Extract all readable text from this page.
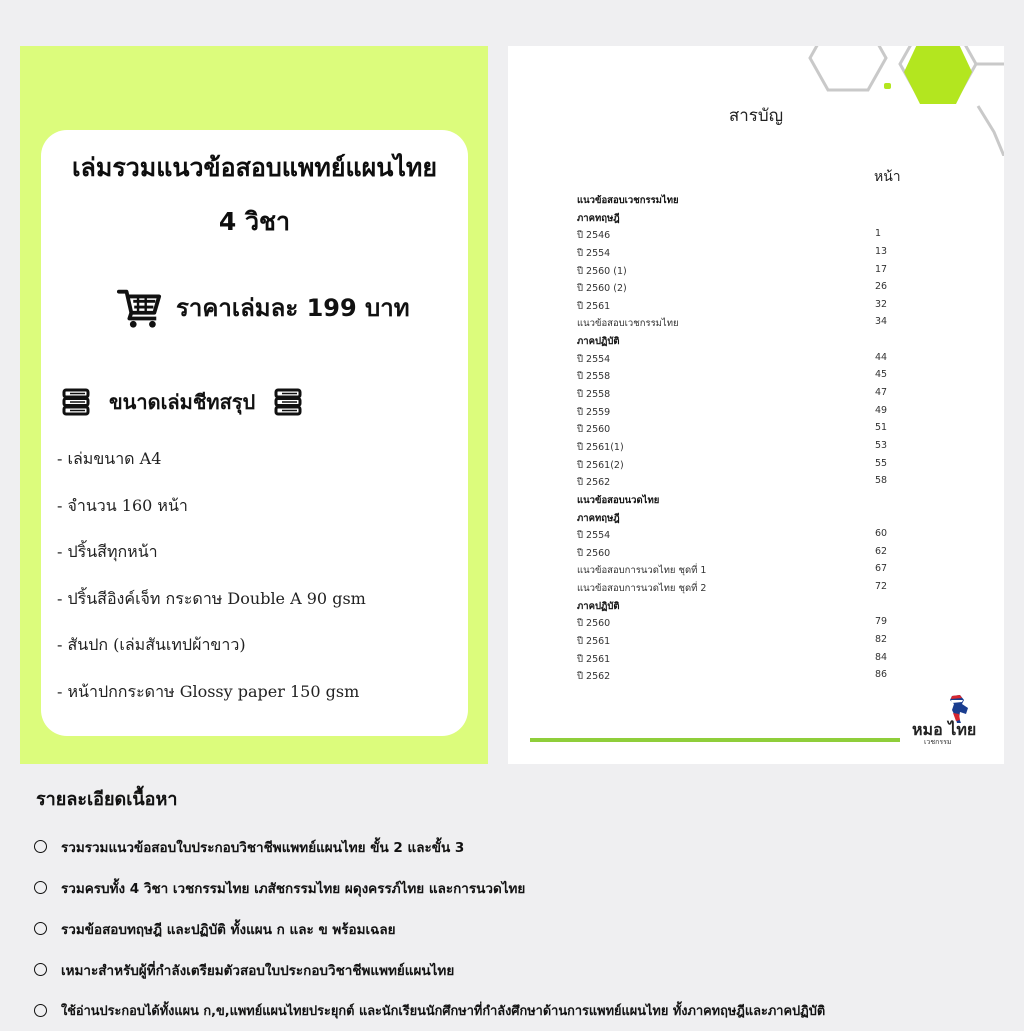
เล่มรวมแนวข้อสอบแพทย์แผนไทย
4 วิชา
ราคาเล่มละ 199 บาท
ขนาดเล่มชีทสรุป
- เล่มขนาด A4
- จำนวน 160 หน้า
- ปริ้นสีทุกหน้า
- ปริ้นสีอิงค์เจ็ท กระดาษ Double A 90 gsm
- สันปก (เล่มสันเทปผ้าขาว)
- หน้าปกกระดาษ Glossy paper 150 gsm
สารบัญ
หน้า
แนวข้อสอบเวชกรรมไทย
ภาคทฤษฎี
ปี 2546	1
ปี 2554	13
ปี 2560 (1)	17
ปี 2560 (2)	26
ปี 2561	32
แนวข้อสอบเวชกรรมไทย	34
ภาคปฏิบัติ
ปี 2554	44
ปี 2558	45
ปี 2558	47
ปี 2559	49
ปี 2560	51
ปี 2561(1)	53
ปี 2561(2)	55
ปี 2562	58
แนวข้อสอบนวดไทย
ภาคทฤษฎี
ปี 2554	60
ปี 2560	62
แนวข้อสอบการนวดไทย ชุดที่ 1	67
แนวข้อสอบการนวดไทย ชุดที่ 2	72
ภาคปฏิบัติ
ปี 2560	79
ปี 2561	82
ปี 2561	84
ปี 2562	86
หมอ ไทย
เวชกรรม
รายละเอียดเนื้อหา
รวมรวมแนวข้อสอบใบประกอบวิชาชีพแพทย์แผนไทย ขั้น 2 และขั้น 3
รวมครบทั้ง 4 วิชา เวชกรรมไทย เภสัชกรรมไทย ผดุงครรภ์ไทย และการนวดไทย
รวมข้อสอบทฤษฎี และปฏิบัติ ทั้งแผน ก และ ข พร้อมเฉลย
เหมาะสำหรับผู้ที่กำลังเตรียมตัวสอบใบประกอบวิชาชีพแพทย์แผนไทย
ใช้อ่านประกอบได้ทั้งแผน ก,ข,แพทย์แผนไทยประยุกต์ และนักเรียนนักศึกษาที่กำลังศึกษาด้านการแพทย์แผนไทย ทั้งภาคทฤษฎีและภาคปฏิบัติ
